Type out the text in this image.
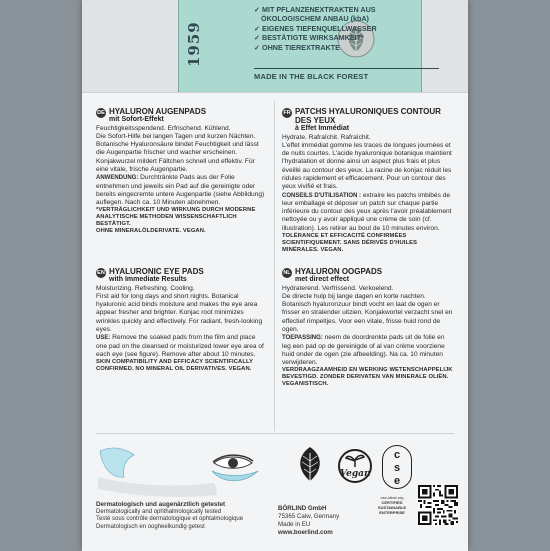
1959
✓ MIT PFLANZENEXTRAKTEN AUS
ÖKOLOGISCHEM ANBAU (kbA)
✓ EIGENES TIEFENQUELLWASSER
✓ BESTÄTIGTE WIRKSAMKEIT*
✓ OHNE TIEREXTRAKTE
MADE IN THE BLACK FOREST
DE HYALURON AUGENPADS
mit Sofort-Effekt

Feuchtigkeitsspendend. Erfrischend. Kühlend.

Die Sofort-Hilfe bei langen Tagen und kurzen Nächten. Botanische Hyaluronsäure bindet Feuchtigkeit und lässt die Augenpartie frischer und wacher erscheinen. Konjakwurzel mildert Fältchen schnell und effektiv. Für eine vitale, frische Augenpartie.

ANWENDUNG: Durchtränkte Pads aus der Folie entnehmen und jeweils ein Pad auf die gereinigte oder bereits eingecremte untere Augenpartie (siehe Abbildung) auflegen. Nach ca. 10 Minuten abnehmen.

*VERTRÄGLICHKEIT UND WIRKUNG DURCH MODERNE ANALYTISCHE METHODEN WISSENSCHAFTLICH BESTÄTIGT.

OHNE MINERALÖLDERIVATE. VEGAN.

FR PATCHS HYALURONIQUES CONTOUR DES YEUX
à Effet Immédiat

Hydrate. Rafraîchit. Rafraîchit.

L'effet immédiat gomme les traces de longues journées et de nuits courtes. L'acide hyaluronique botanique maintient l'hydratation et donne ainsi un aspect plus frais et plus éveillé au contour des yeux. La racine de konjac réduit les ridules rapidement et efficacement. Pour un contour des yeux vivifié et frais.

CONSEILS D'UTILISATION : extraire les patchs imbibés de leur emballage et déposer un patch sur chaque partie inférieure du contour des yeux après l'avoir préalablement nettoyée ou y avoir appliqué une crème de soin (cf. illustration). Les retirer au bout de 10 minutes environ.

TOLÉRANCE ET EFFICACITÉ CONFIRMÉES SCIENTIFIQUEMENT. SANS DÉRIVÉS D'HUILES MINÉRALES. VEGAN.

EN HYALURONIC EYE PADS
with Immediate Results

Moisturizing. Refreshing. Cooling.

First aid for long days and short nights. Botanical hyaluronic acid binds moisture and makes the eye area appear fresher and brighter. Konjac root minimizes wrinkles quickly and effectively. For radiant, fresh-looking eyes.

USE: Remove the soaked pads from the film and place one pad on the cleansed or moisturized lower eye area of each eye (see figure). Remove after about 10 minutes.

SKIN COMPATIBILITY AND EFFICACY SCIENTIFICALLY CONFIRMED. NO MINERAL OIL DERIVATIVES. VEGAN.

NL HYALURON OOGPADS
met direct effect

Hydraterend. Verfrissend. Verkoelend.

De directe hulp bij lange dagen en korte nachten. Botanisch hyaluronzuur bindt vocht en laat de ogen er frisser en stralender uitzien. Konjakwortel verzacht snel en effectief rimpeltjes. Voor een vitale, frisse huid rond de ogen.

TOEPASSING: neem de doordrenkte pads uit de folie en leg een pad op de gereinigde of al van crème voorziene huid onder de ogen (zie afbeelding). Na ca. 10 minuten verwijderen.

VERDRAAGZAAMHEID EN WERKING WETENSCHAPPELIJK BEVESTIGD. ZONDER DERIVATEN VAN MINERALE OLIËN. VEGANISTISCH.

Dermatologisch und augenärztlich getestet
Dermatologically and ophthalmologically tested
Testé sous contrôle dermatologique et ophtalmologique
Dermatologisch en oogheelkundig getest
Vegan
c
s
e
cse-label.org
CERTIFIED SUSTAINABLE ENTERPRISE
BÖRLIND GmbH
75365 Calw, Germany
Made in EU
www.boerlind.com
